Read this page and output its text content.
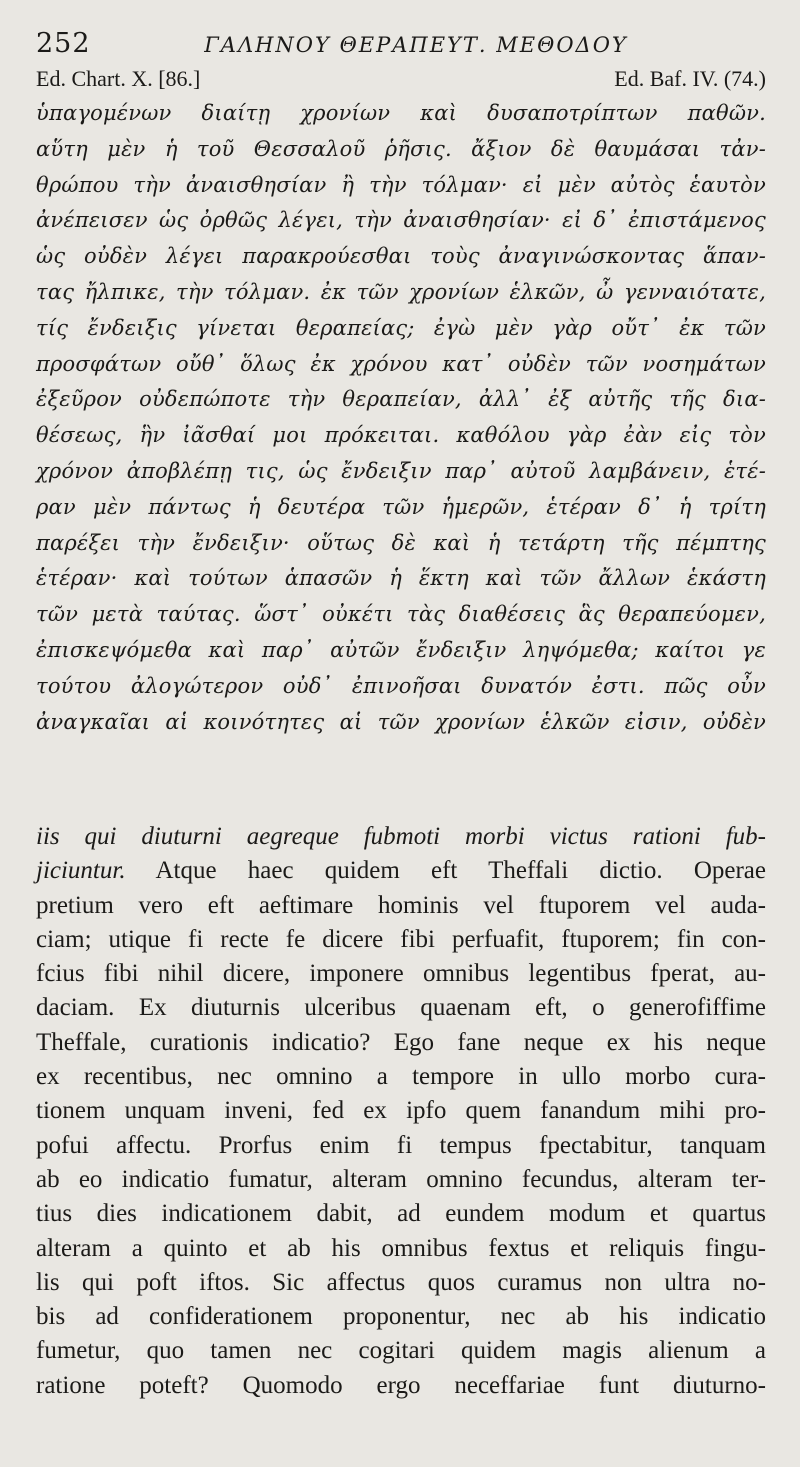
252	ΓΑΛΗΝΟΥ ΘΕΡΑΠΕΥΤ. ΜΕΘΟΔΟΥ
Ed. Chart. X. [86.]	Ed. Baf. IV. (74.)
ὑπαγομένων διαίτῃ χρονίων καὶ δυσαποτρίπτων παθῶν.
αὕτη μὲν ἡ τοῦ Θεσσαλοῦ ῥῆσις. ἄξιον δὲ θαυμάσαι τἀν-
θρώπου τὴν ἀναισθησίαν ἢ τὴν τόλμαν· εἰ μὲν αὐτὸς ἑαυτὸν
ἀνέπεισεν ὡς ὀρθῶς λέγει, τὴν ἀναισθησίαν· εἰ δ᾽ ἐπιστάμενος
ὡς οὐδὲν λέγει παρακρούεσθαι τοὺς ἀναγινώσκοντας ἅπαν-
τας ἤλπικε, τὴν τόλμαν. ἐκ τῶν χρονίων ἑλκῶν, ὦ γενναιότατε,
τίς ἔνδειξις γίνεται θεραπείας; ἐγὼ μὲν γὰρ οὔτ᾽ ἐκ τῶν
προσφάτων οὔθ᾽ ὅλως ἐκ χρόνου κατ᾽ οὐδὲν τῶν νοσημάτων
ἐξεῦρον οὐδεπώποτε τὴν θεραπείαν, ἀλλ᾽ ἐξ αὐτῆς τῆς δια-
θέσεως, ἣν ἰᾶσθαί μοι πρόκειται. καθόλου γὰρ ἐὰν εἰς τὸν
χρόνον ἀποβλέπῃ τις, ὡς ἔνδειξιν παρ᾽ αὐτοῦ λαμβάνειν, ἑτέ-
ραν μὲν πάντως ἡ δευτέρα τῶν ἡμερῶν, ἑτέραν δ᾽ ἡ τρίτη
παρέξει τὴν ἔνδειξιν· οὕτως δὲ καὶ ἡ τετάρτη τῆς πέμπτης
ἑτέραν· καὶ τούτων ἁπασῶν ἡ ἕκτη καὶ τῶν ἄλλων ἑκάστη
τῶν μετὰ ταύτας. ὥστ᾽ οὐκέτι τὰς διαθέσεις ἃς θεραπεύομεν,
ἐπισκεψόμεθα καὶ παρ᾽ αὐτῶν ἔνδειξιν ληψόμεθα; καίτοι γε
τούτου ἀλογώτερον οὐδ᾽ ἐπινοῆσαι δυνατόν ἐστι. πῶς οὖν
ἀναγκαῖαι αἱ κοινότητες αἱ τῶν χρονίων ἑλκῶν εἰσιν, οὐδὲν
iis qui diuturni aegreque fubmoti morbi victus rationi fub-
jiciuntur. Atque haec quidem eft Theffali dictio. Operae
pretium vero eft aeftimare hominis vel ftuporem vel auda-
ciam; utique fi recte fe dicere fibi perfuafit, ftuporem; fin con-
fcius fibi nihil dicere, imponere omnibus legentibus fperat, au-
daciam. Ex diuturnis ulceribus quaenam eft, o generofiffime
Theffale, curationis indicatio? Ego fane neque ex his neque
ex recentibus, nec omnino a tempore in ullo morbo cura-
tionem unquam inveni, fed ex ipfo quem fanandum mihi pro-
pofui affectu. Prorfus enim fi tempus fpectabitur, tanquam
ab eo indicatio fumatur, alteram omnino fecundus, alteram ter-
tius dies indicationem dabit, ad eundem modum et quartus
alteram a quinto et ab his omnibus fextus et reliquis fingu-
lis qui poft iftos. Sic affectus quos curamus non ultra no-
bis ad confiderationem proponentur, nec ab his indicatio
fumetur, quo tamen nec cogitari quidem magis alienum a
ratione poteft? Quomodo ergo neceffariae funt diuturno-
